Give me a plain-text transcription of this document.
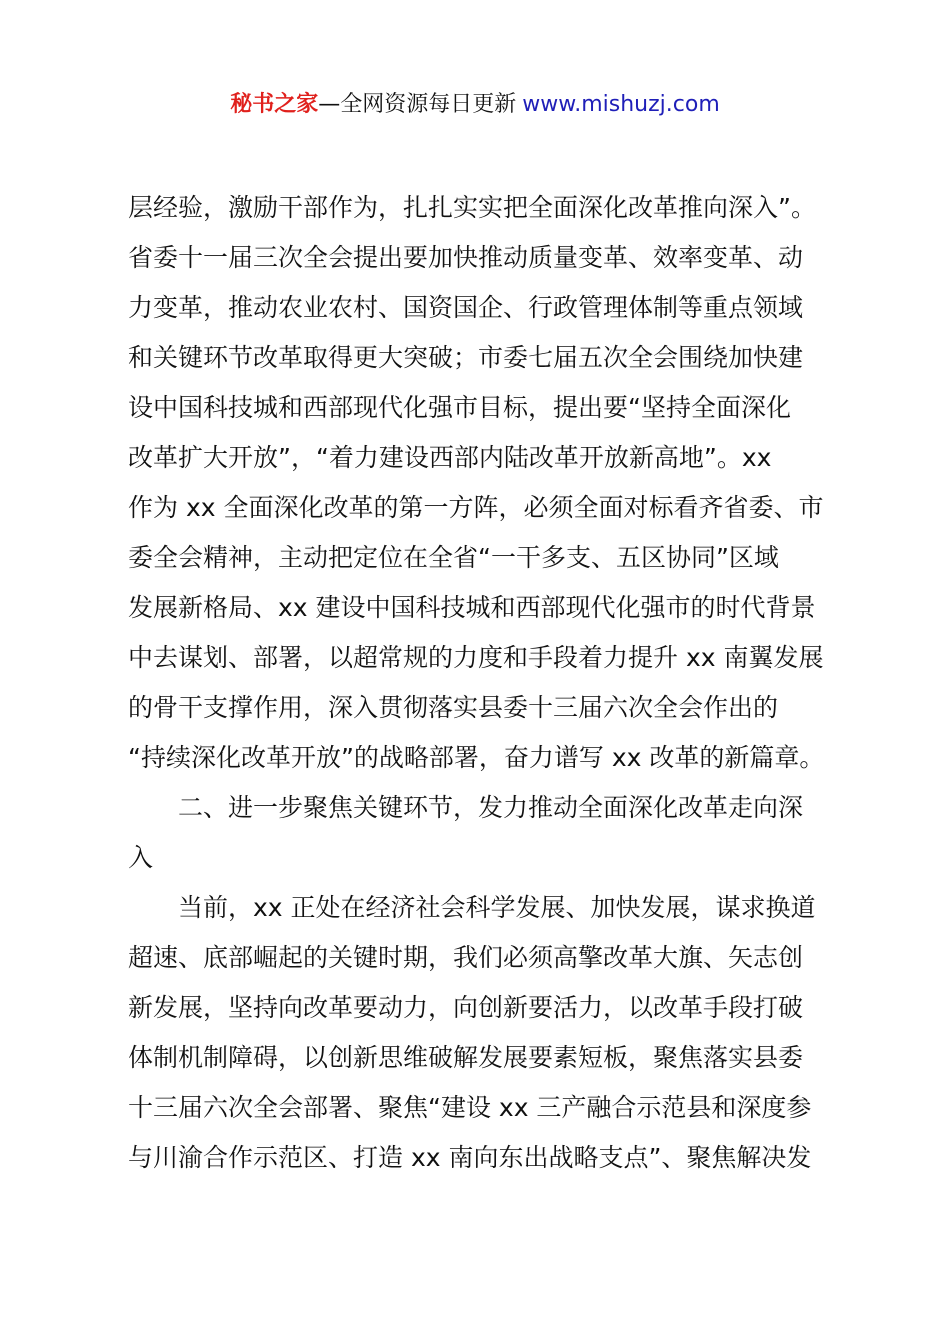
秘书之家—全网资源每日更新 www.mishuzj.com
层经验，激励干部作为，扎扎实实把全面深化改革推向深入”。
省委十一届三次全会提出要加快推动质量变革、效率变革、动
力变革，推动农业农村、国资国企、行政管理体制等重点领域
和关键环节改革取得更大突破；市委七届五次全会围绕加快建
设中国科技城和西部现代化强市目标，提出要“坚持全面深化
改革扩大开放”，“着力建设西部内陆改革开放新高地”。xx
作为 xx 全面深化改革的第一方阵，必须全面对标看齐省委、市
委全会精神，主动把定位在全省“一干多支、五区协同”区域
发展新格局、xx 建设中国科技城和西部现代化强市的时代背景
中去谋划、部署，以超常规的力度和手段着力提升 xx 南翼发展
的骨干支撑作用，深入贯彻落实县委十三届六次全会作出的
“持续深化改革开放”的战略部署，奋力谱写 xx 改革的新篇章。
二、进一步聚焦关键环节，发力推动全面深化改革走向深
入
当前，xx 正处在经济社会科学发展、加快发展，谋求换道
超速、底部崛起的关键时期，我们必须高擎改革大旗、矢志创
新发展，坚持向改革要动力，向创新要活力，以改革手段打破
体制机制障碍，以创新思维破解发展要素短板，聚焦落实县委
十三届六次全会部署、聚焦“建设 xx 三产融合示范县和深度参
与川渝合作示范区、打造 xx 南向东出战略支点”、聚焦解决发
